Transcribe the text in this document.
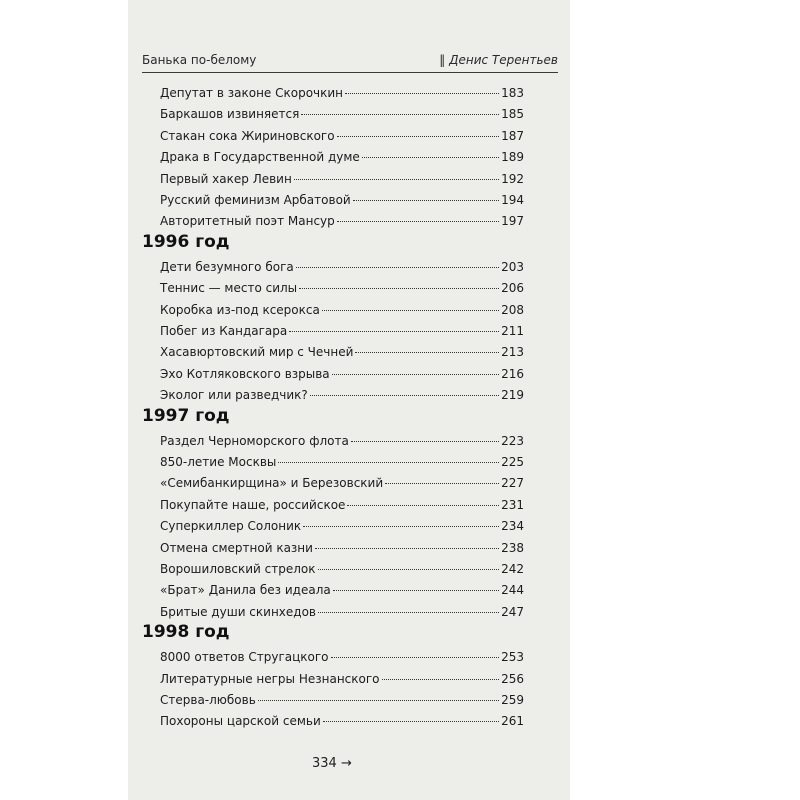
Банька по-белому	‖ Денис Терентьев
Депутат в законе Скорочкин	183
Баркашов извиняется	185
Стакан сока Жириновского	187
Драка в Государственной думе	189
Первый хакер Левин	192
Русский феминизм Арбатовой	194
Авторитетный поэт Мансур	197
1996 год
Дети безумного бога	203
Теннис — место силы	206
Коробка из-под ксерокса	208
Побег из Кандагара	211
Хасавюртовский мир с Чечней	213
Эхо Котляковского взрыва	216
Эколог или разведчик?	219
1997 год
Раздел Черноморского флота	223
850-летие Москвы	225
«Семибанкирщина» и Березовский	227
Покупайте наше, российское	231
Суперкиллер Солоник	234
Отмена смертной казни	238
Ворошиловский стрелок	242
«Брат» Данила без идеала	244
Бритые души скинхедов	247
1998 год
8000 ответов Стругацкого	253
Литературные негры Незнанского	256
Стерва-любовь	259
Похороны царской семьи	261
334 →
